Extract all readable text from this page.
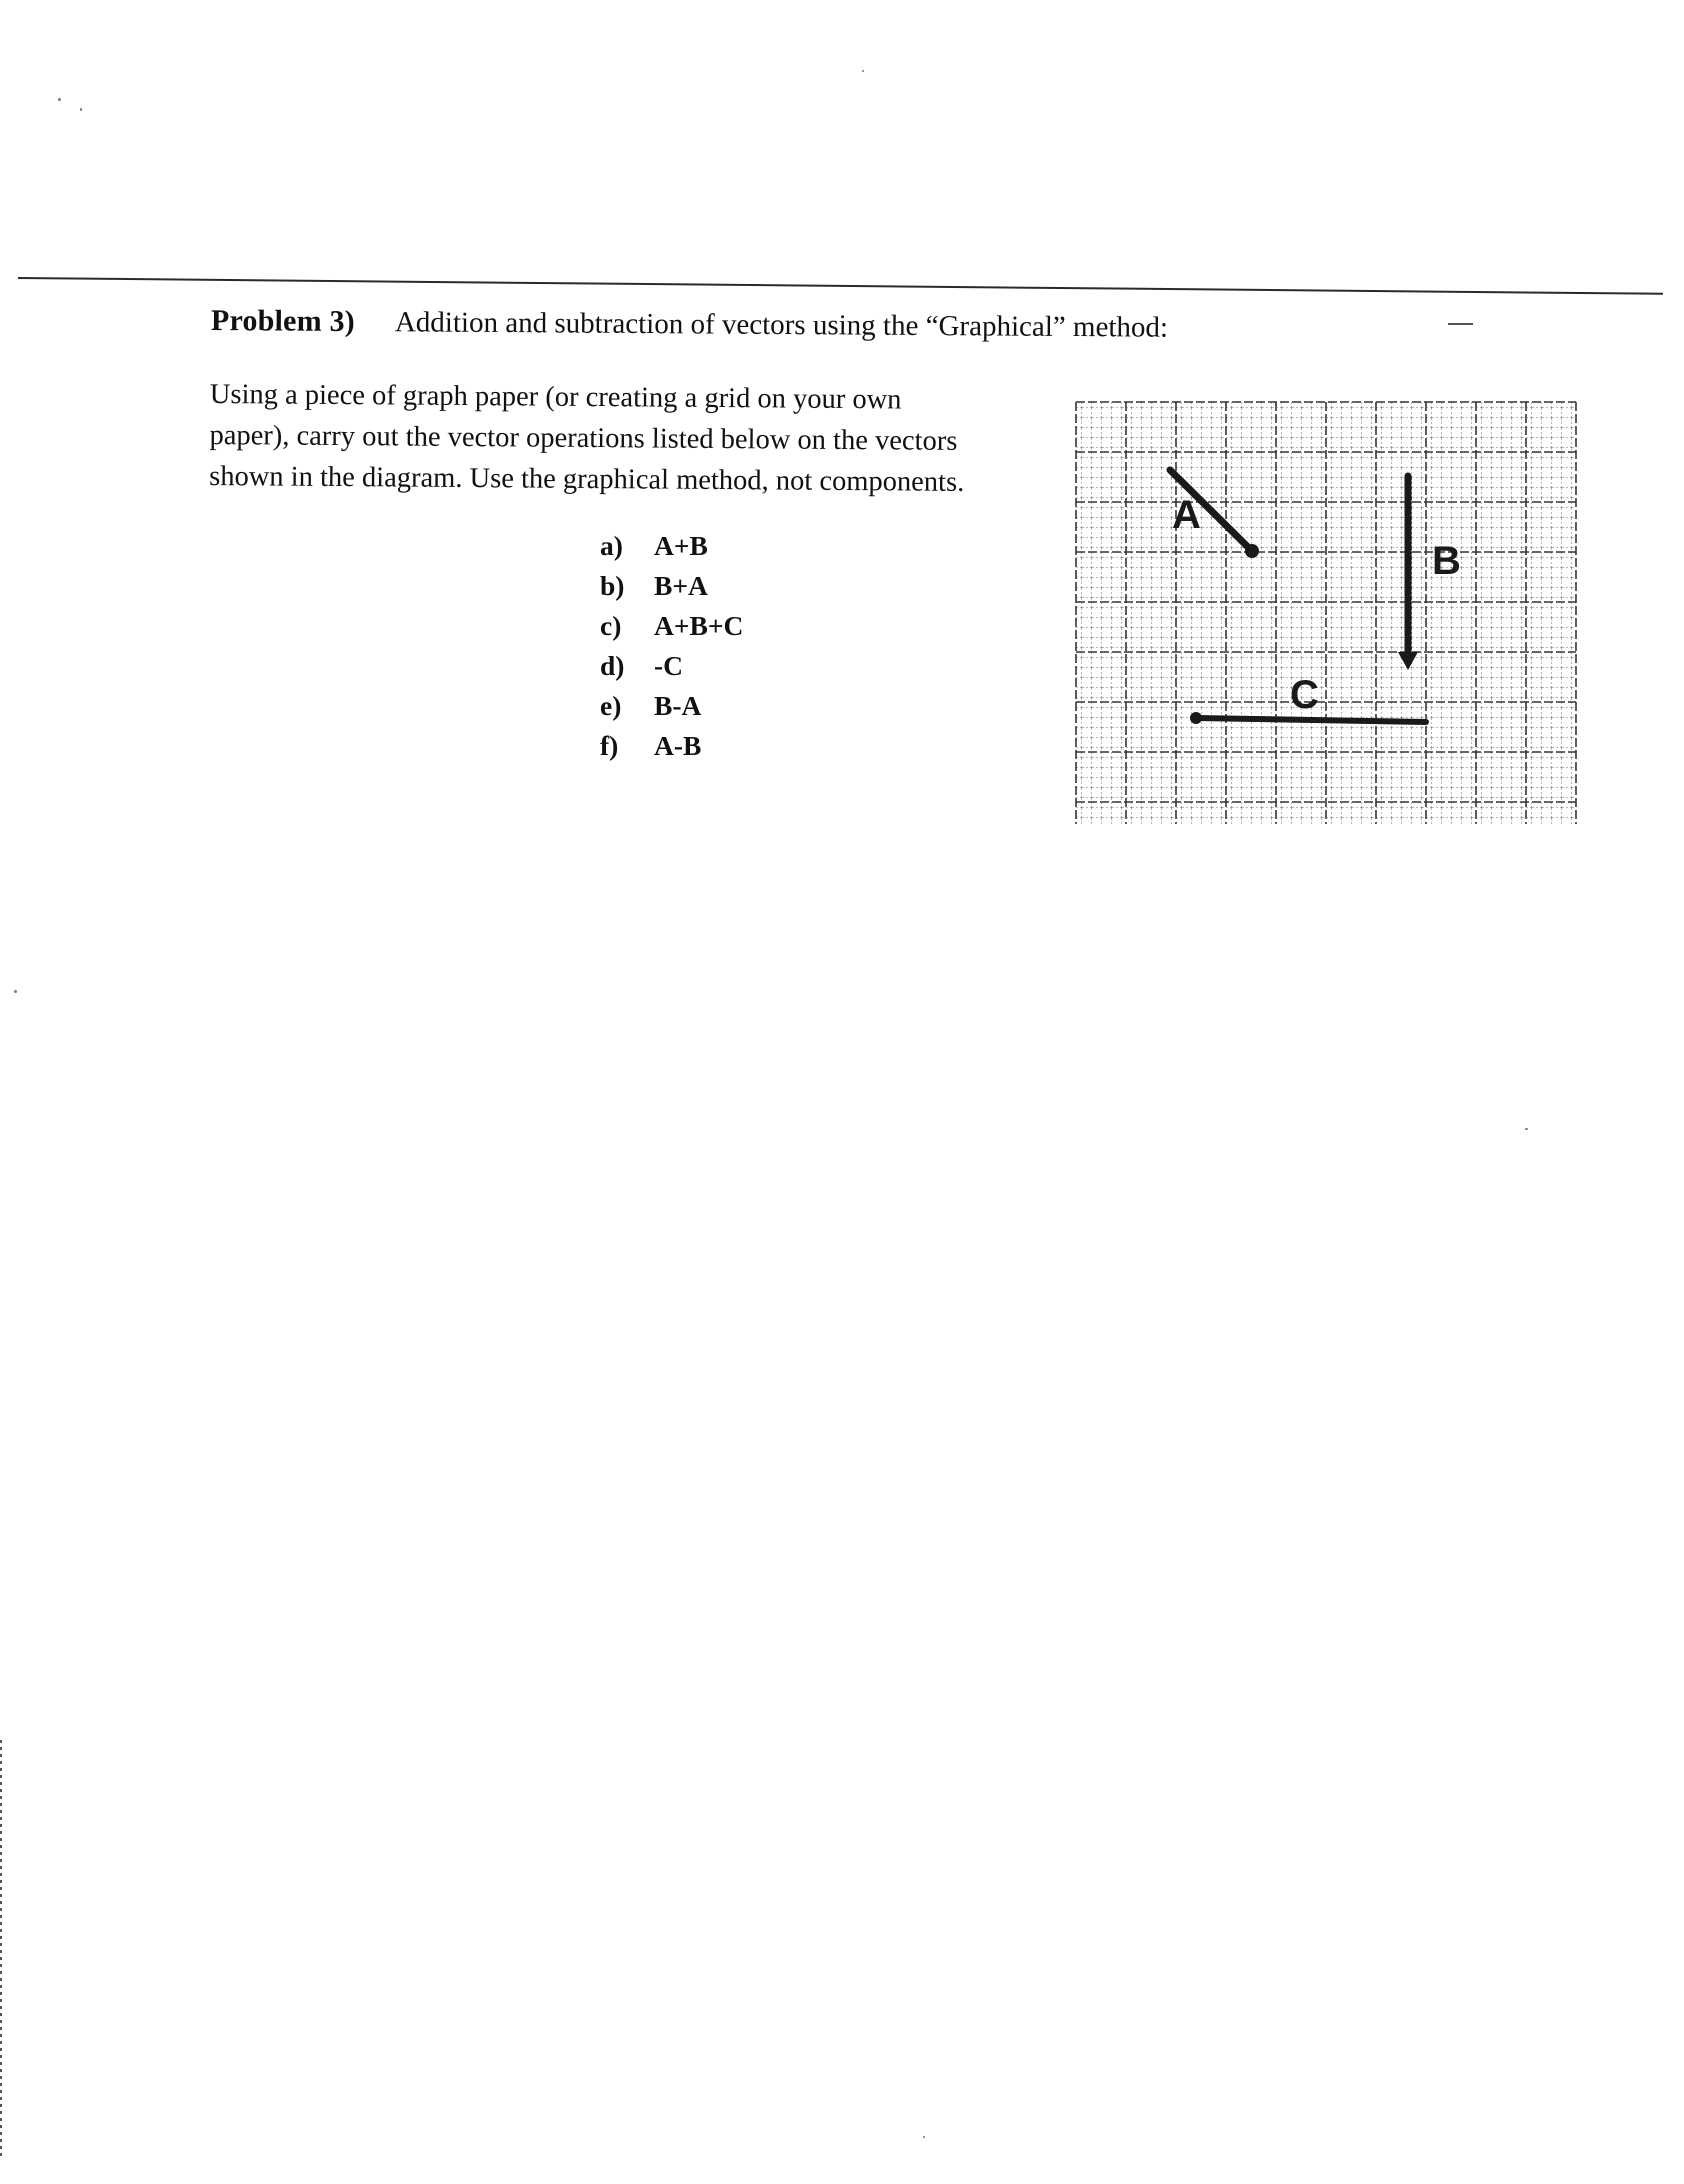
Problem 3) Addition and subtraction of vectors using the “Graphical” method:
Using a piece of graph paper (or creating a grid on your own
paper), carry out the vector operations listed below on the vectors
shown in the diagram. Use the graphical method, not components.
a) A+B
b) B+A
c) A+B+C
d) -C
e) B-A
f) A-B
A
B
C
